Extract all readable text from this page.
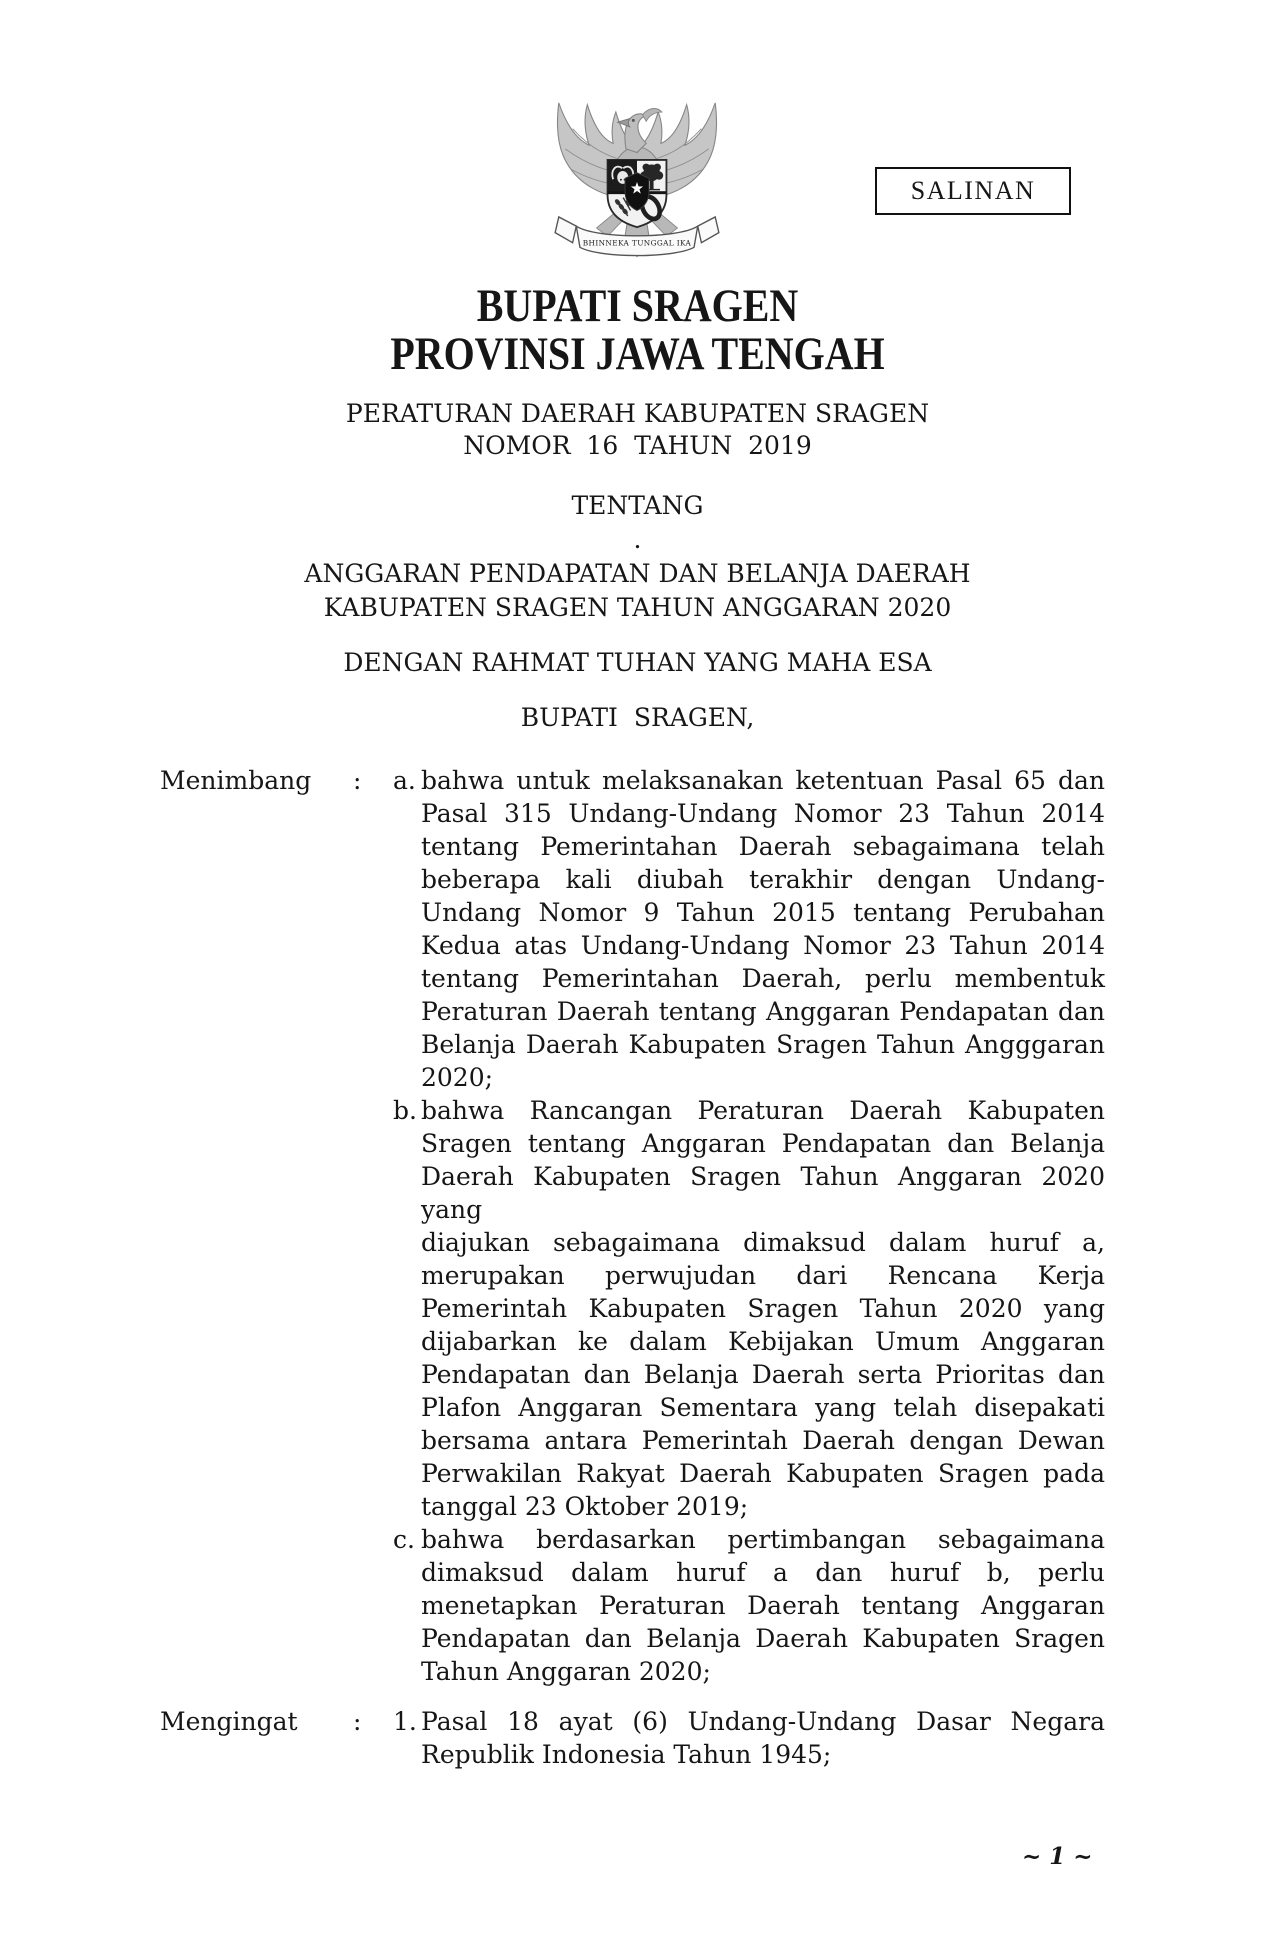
BHINNEKA TUNGGAL IKA
SALINAN
BUPATI SRAGEN
PROVINSI JAWA TENGAH
PERATURAN DAERAH KABUPATEN SRAGEN
NOMOR  16  TAHUN  2019
TENTANG
.
ANGGARAN PENDAPATAN DAN BELANJA DAERAH
KABUPATEN SRAGEN TAHUN ANGGARAN 2020
DENGAN RAHMAT TUHAN YANG MAHA ESA
BUPATI  SRAGEN,
Menimbang	:	a. bahwa untuk melaksanakan ketentuan Pasal 65 dan
Pasal 315 Undang-Undang Nomor 23 Tahun 2014
tentang Pemerintahan Daerah sebagaimana telah
beberapa kali diubah terakhir dengan Undang-
Undang Nomor 9 Tahun 2015 tentang Perubahan
Kedua atas Undang-Undang Nomor 23 Tahun 2014
tentang Pemerintahan Daerah, perlu membentuk
Peraturan Daerah tentang Anggaran Pendapatan dan
Belanja Daerah Kabupaten Sragen Tahun Angggaran
2020;
b. bahwa Rancangan Peraturan Daerah Kabupaten
Sragen tentang Anggaran Pendapatan dan Belanja
Daerah Kabupaten Sragen Tahun Anggaran 2020 yang
diajukan sebagaimana dimaksud dalam huruf a,
merupakan perwujudan dari Rencana Kerja
Pemerintah Kabupaten Sragen Tahun 2020 yang
dijabarkan ke dalam Kebijakan Umum Anggaran
Pendapatan dan Belanja Daerah serta Prioritas dan
Plafon Anggaran Sementara yang telah disepakati
bersama antara Pemerintah Daerah dengan Dewan
Perwakilan Rakyat Daerah Kabupaten Sragen pada
tanggal 23 Oktober 2019;
c. bahwa berdasarkan pertimbangan sebagaimana
dimaksud dalam huruf a dan huruf b, perlu
menetapkan Peraturan Daerah tentang Anggaran
Pendapatan dan Belanja Daerah Kabupaten Sragen
Tahun Anggaran 2020;
Mengingat	:	1. Pasal 18 ayat (6) Undang-Undang Dasar Negara
Republik Indonesia Tahun 1945;
~ 1 ~
